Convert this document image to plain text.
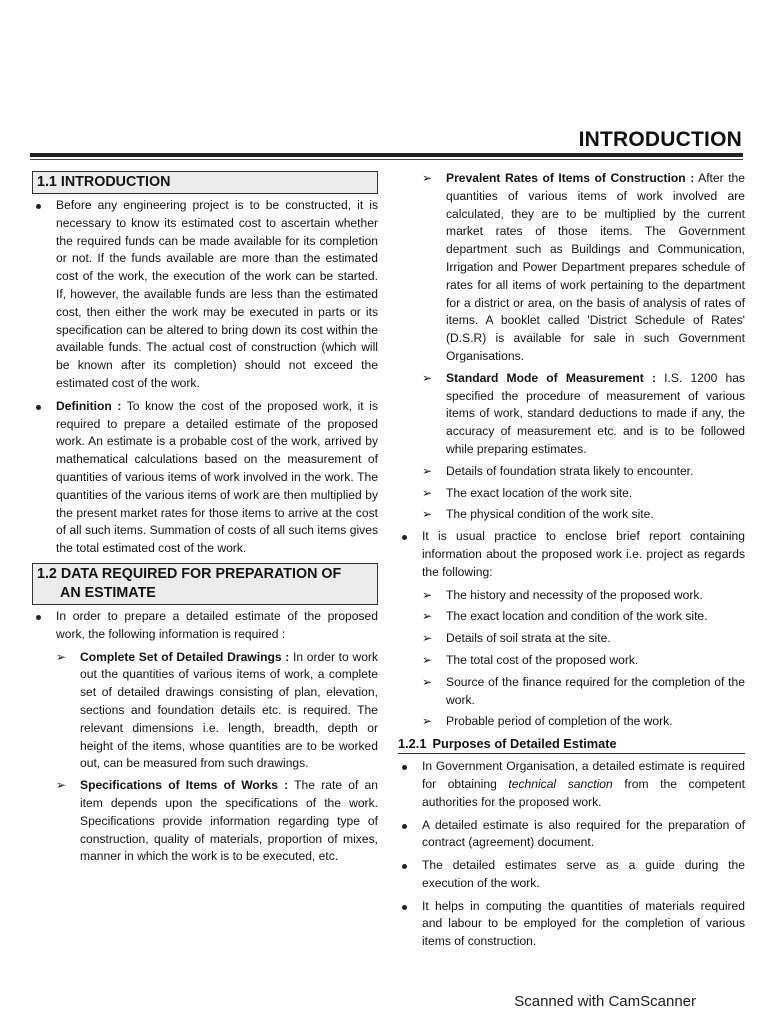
INTRODUCTION
1.1 INTRODUCTION
Before any engineering project is to be constructed, it is necessary to know its estimated cost to ascertain whether the required funds can be made available for its completion or not. If the funds available are more than the estimated cost of the work, the execution of the work can be started. If, however, the available funds are less than the estimated cost, then either the work may be executed in parts or its specification can be altered to bring down its cost within the available funds. The actual cost of construction (which will be known after its completion) should not exceed the estimated cost of the work.
Definition : To know the cost of the proposed work, it is required to prepare a detailed estimate of the proposed work. An estimate is a probable cost of the work, arrived by mathematical calculations based on the measurement of quantities of various items of work involved in the work. The quantities of the various items of work are then multiplied by the present market rates for those items to arrive at the cost of all such items. Summation of costs of all such items gives the total estimated cost of the work.
1.2 DATA REQUIRED FOR PREPARATION OF
AN ESTIMATE
In order to prepare a detailed estimate of the proposed work, the following information is required :
➢ Complete Set of Detailed Drawings : In order to work out the quantities of various items of work, a complete set of detailed drawings consisting of plan, elevation, sections and foundation details etc. is required. The relevant dimensions i.e. length, breadth, depth or height of the items, whose quantities are to be worked out, can be measured from such drawings.
➢ Specifications of Items of Works : The rate of an item depends upon the specifications of the work. Specifications provide information regarding type of construction, quality of materials, proportion of mixes, manner in which the work is to be executed, etc.
➢ Prevalent Rates of Items of Construction : After the quantities of various items of work involved are calculated, they are to be multiplied by the current market rates of those items. The Government department such as Buildings and Communication, Irrigation and Power Department prepares schedule of rates for all items of work pertaining to the department for a district or area, on the basis of analysis of rates of items. A booklet called 'District Schedule of Rates' (D.S.R) is available for sale in such Government Organisations.
➢ Standard Mode of Measurement : I.S. 1200 has specified the procedure of measurement of various items of work, standard deductions to made if any, the accuracy of measurement etc. and is to be followed while preparing estimates.
➢ Details of foundation strata likely to encounter.
➢ The exact location of the work site.
➢ The physical condition of the work site.
It is usual practice to enclose brief report containing information about the proposed work i.e. project as regards the following:
➢ The history and necessity of the proposed work.
➢ The exact location and condition of the work site.
➢ Details of soil strata at the site.
➢ The total cost of the proposed work.
➢ Source of the finance required for the completion of the work.
➢ Probable period of completion of the work.
1.2.1 Purposes of Detailed Estimate
In Government Organisation, a detailed estimate is required for obtaining technical sanction from the competent authorities for the proposed work.
A detailed estimate is also required for the preparation of contract (agreement) document.
The detailed estimates serve as a guide during the execution of the work.
It helps in computing the quantities of materials required and labour to be employed for the completion of various items of construction.
Scanned with CamScanner
